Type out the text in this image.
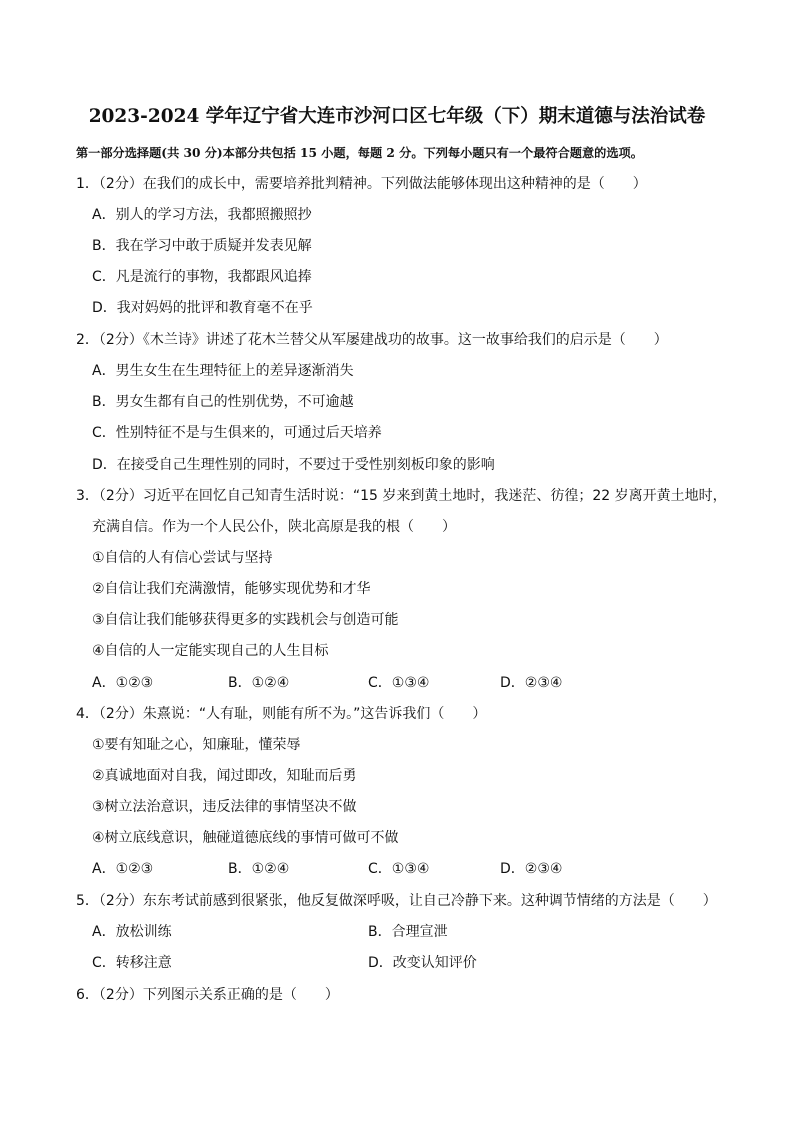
2023-2024 学年辽宁省大连市沙河口区七年级（下）期末道德与法治试卷
第一部分选择题(共 30 分)本部分共包括 15 小题，每题 2 分。下列每小题只有一个最符合题意的选项。
1．（2分）在我们的成长中，需要培养批判精神。下列做法能够体现出这种精神的是（　　）
A．别人的学习方法，我都照搬照抄
B．我在学习中敢于质疑并发表见解
C．凡是流行的事物，我都跟风追捧
D．我对妈妈的批评和教育毫不在乎
2．（2分）《木兰诗》讲述了花木兰替父从军屡建战功的故事。这一故事给我们的启示是（　　）
A．男生女生在生理特征上的差异逐渐消失
B．男女生都有自己的性别优势，不可逾越
C．性别特征不是与生俱来的，可通过后天培养
D．在接受自己生理性别的同时，不要过于受性别刻板印象的影响
3．（2分）习近平在回忆自己知青生活时说：“15 岁来到黄土地时，我迷茫、彷徨；22 岁离开黄土地时，
充满自信。作为一个人民公仆，陕北高原是我的根（　　）
①自信的人有信心尝试与坚持
②自信让我们充满激情，能够实现优势和才华
③自信让我们能够获得更多的实践机会与创造可能
④自信的人一定能实现自己的人生目标
A．①②③	B．①②④	C．①③④	D．②③④
4．（2分）朱熹说：“人有耻，则能有所不为。”这告诉我们（　　）
①要有知耻之心，知廉耻，懂荣辱
②真诚地面对自我，闻过即改，知耻而后勇
③树立法治意识，违反法律的事情坚决不做
④树立底线意识，触碰道德底线的事情可做可不做
A．①②③	B．①②④	C．①③④	D．②③④
5．（2分）东东考试前感到很紧张，他反复做深呼吸，让自己冷静下来。这种调节情绪的方法是（　　）
A．放松训练	B．合理宣泄
C．转移注意	D．改变认知评价
6．（2分）下列图示关系正确的是（　　）
